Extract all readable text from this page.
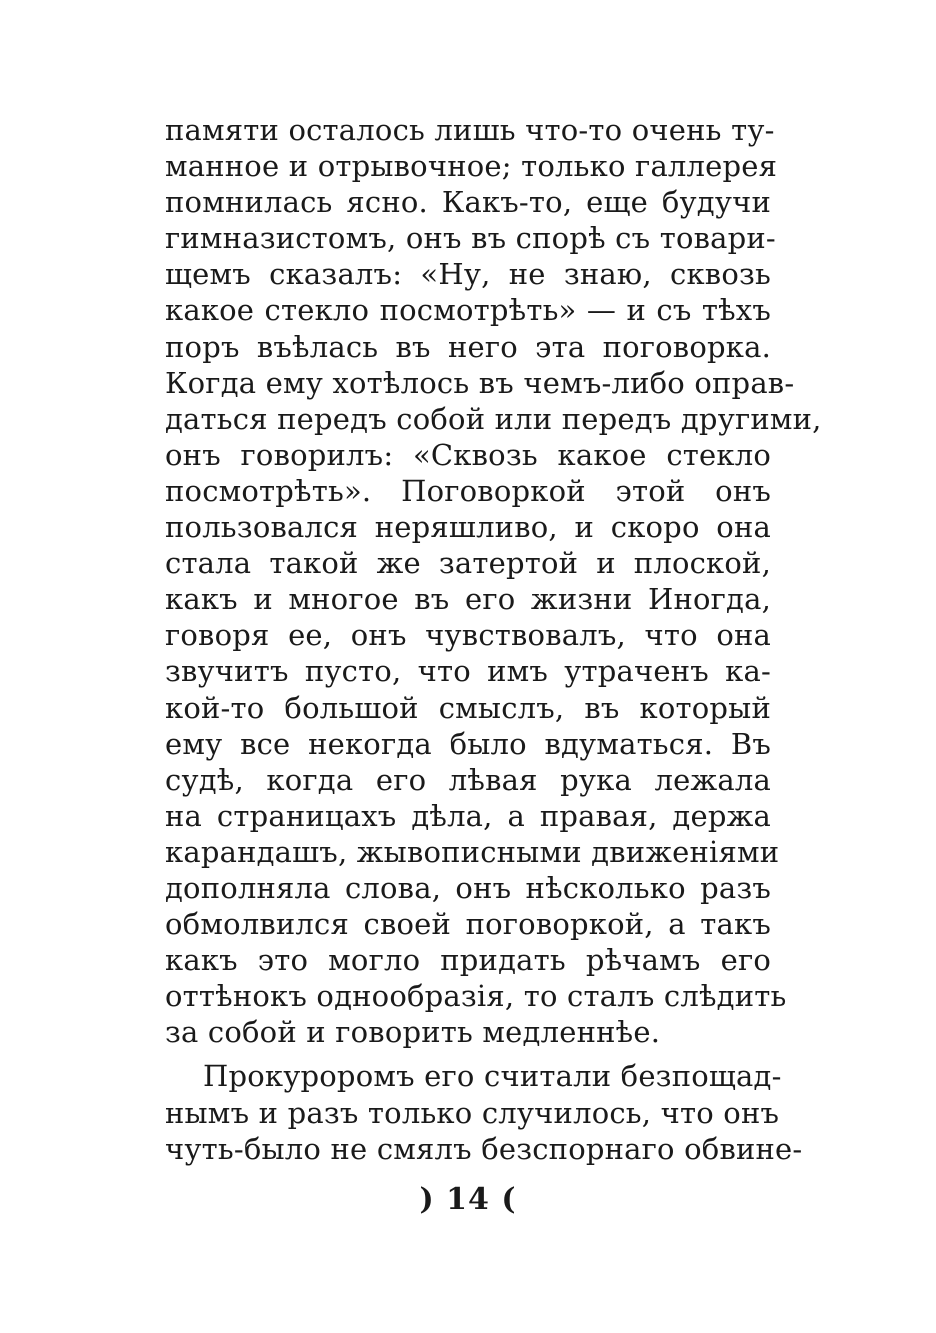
памяти осталось лишь что-то очень ту-
манное и отрывочное; только галлерея
помнилась ясно. Какъ-то, еще будучи
гимназистомъ, онъ въ спорѣ съ товари-
щемъ сказалъ: «Ну, не знаю, сквозь
какое стекло посмотрѣть» — и съ тѣхъ
поръ въѣлась въ него эта поговорка.
Когда ему хотѣлось въ чемъ-либо оправ-
даться передъ собой или передъ другими,
онъ говорилъ: «Сквозь какое стекло
посмотрѣть». Поговоркой этой онъ
пользовался неряшливо, и скоро она
стала такой же затертой и плоской,
какъ и многое въ его жизни Иногда,
говоря ее, онъ чувствовалъ, что она
звучитъ пусто, что имъ утраченъ ка-
кой-то большой смыслъ, въ который
ему все некогда было вдуматься. Въ
судѣ, когда его лѣвая рука лежала
на страницахъ дѣла, а правая, держа
карандашъ, жывописными движеніями
дополняла слова, онъ нѣсколько разъ
обмолвился своей поговоркой, а такъ
какъ это могло придать рѣчамъ его
оттѣнокъ однообразія, то сталъ слѣдить
за собой и говорить медленнѣе.
Прокуроромъ его считали безпощад-
нымъ и разъ только случилось, что онъ
чуть-было не смялъ безспорнаго обвине-
) 14 (
